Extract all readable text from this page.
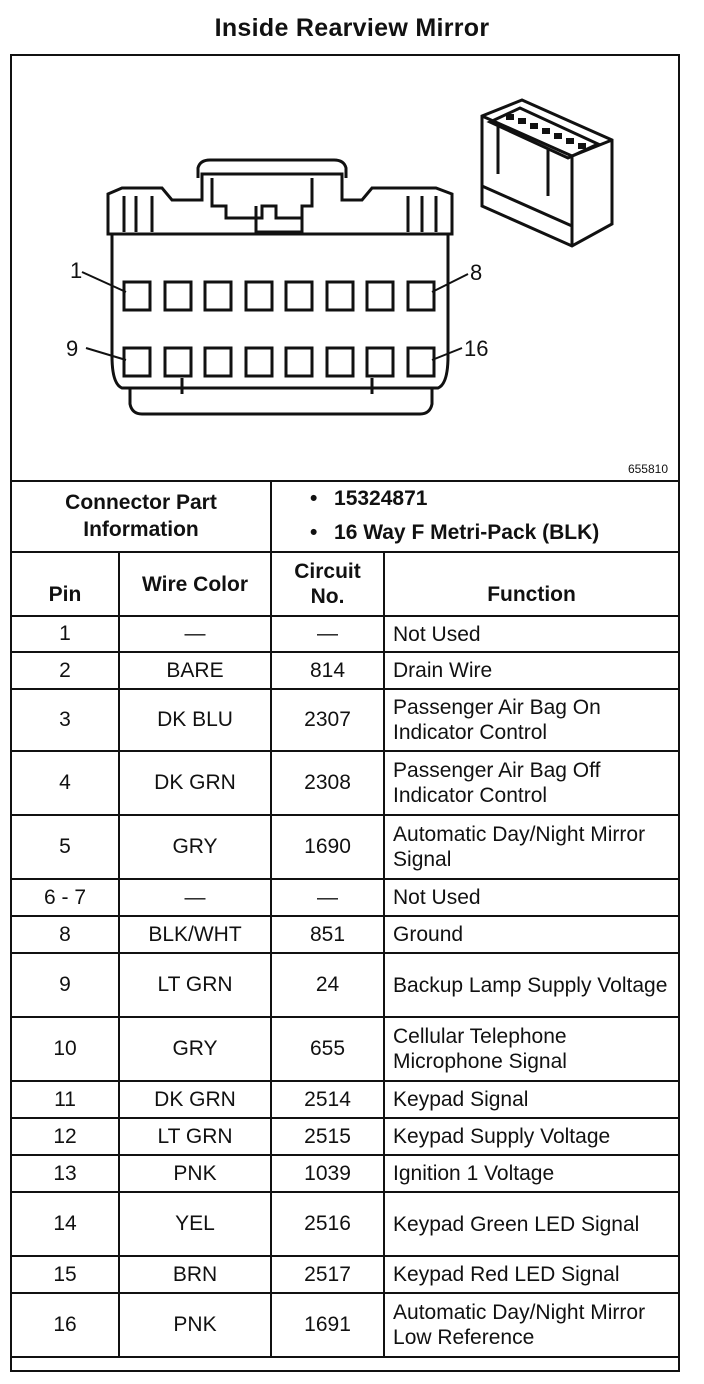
Inside Rearview Mirror
1	8
9	16
655810
Connector Part Information		• 15324871
• 16 Way F Metri-Pack (BLK)	

Pin	Wire Color	Circuit No.	Function
1	—	—	Not Used
2	BARE	814	Drain Wire
3	DK BLU	2307	Passenger Air Bag On Indicator Control
4	DK GRN	2308	Passenger Air Bag Off Indicator Control
5	GRY	1690	Automatic Day/Night Mirror Signal
6 - 7	—	—	Not Used
8	BLK/WHT	851	Ground
9	LT GRN	24	Backup Lamp Supply Voltage
10	GRY	655	Cellular Telephone Microphone Signal
11	DK GRN	2514	Keypad Signal
12	LT GRN	2515	Keypad Supply Voltage
13	PNK	1039	Ignition 1 Voltage
14	YEL	2516	Keypad Green LED Signal
15	BRN	2517	Keypad Red LED Signal
16	PNK	1691	Automatic Day/Night Mirror Low Reference
